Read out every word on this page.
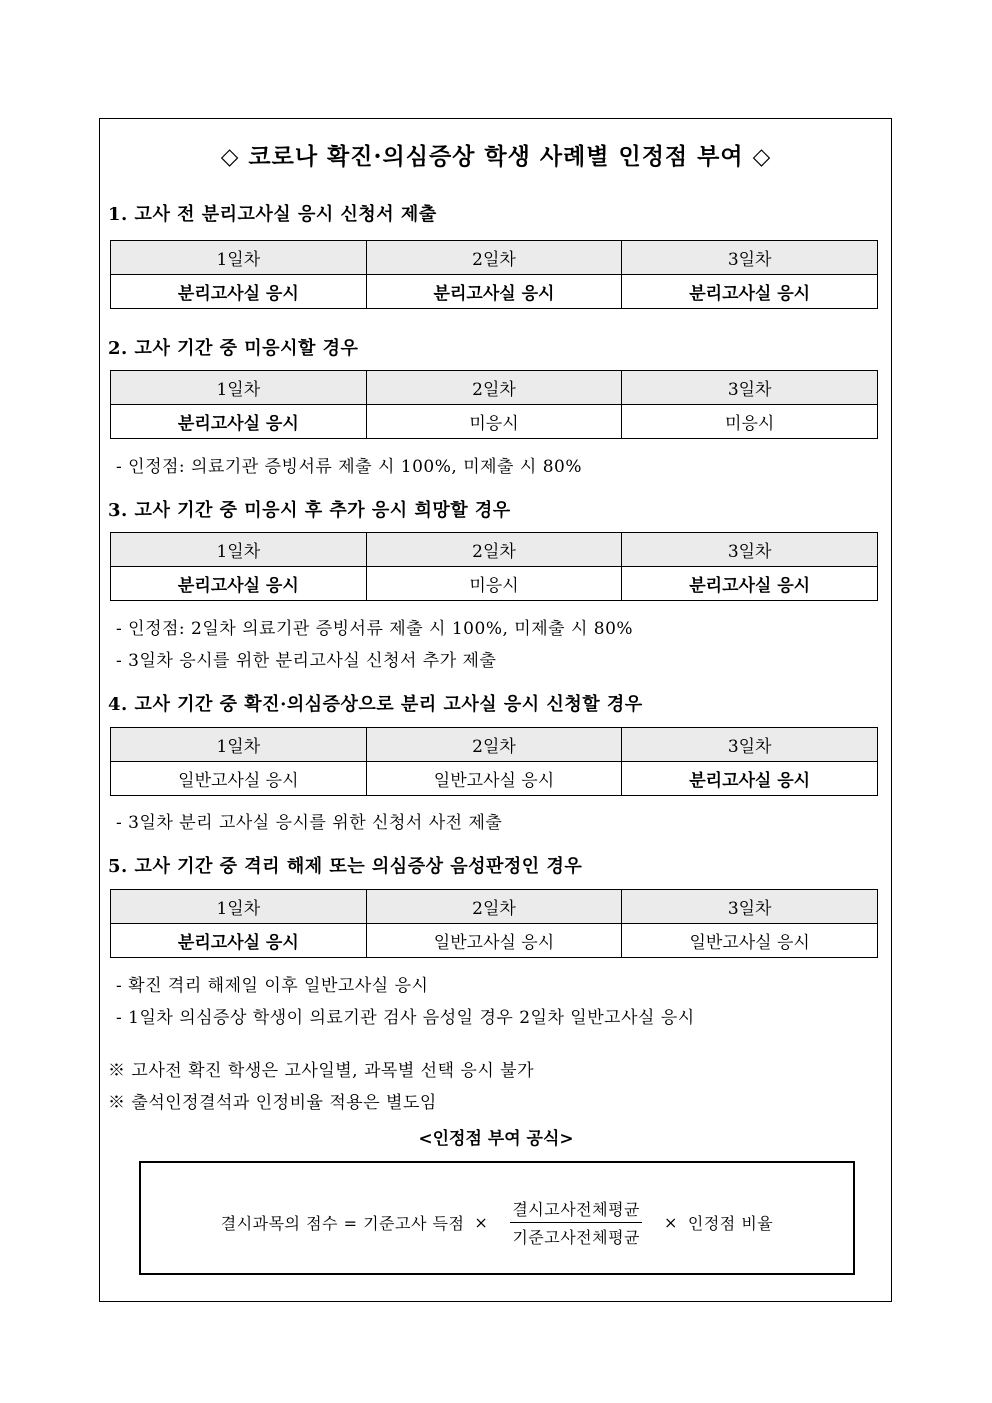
◇ 코로나 확진·의심증상 학생 사례별 인정점 부여 ◇
1. 고사 전 분리고사실 응시 신청서 제출
1일차	2일차	3일차
분리고사실 응시	분리고사실 응시	분리고사실 응시
2. 고사 기간 중 미응시할 경우
1일차	2일차	3일차
분리고사실 응시	미응시	미응시
- 인정점: 의료기관 증빙서류 제출 시 100%, 미제출 시 80%
3. 고사 기간 중 미응시 후 추가 응시 희망할 경우
1일차	2일차	3일차
분리고사실 응시	미응시	분리고사실 응시
- 인정점: 2일차 의료기관 증빙서류 제출 시 100%, 미제출 시 80%
- 3일차 응시를 위한 분리고사실 신청서 추가 제출
4. 고사 기간 중 확진·의심증상으로 분리 고사실 응시 신청할 경우
1일차	2일차	3일차
일반고사실 응시	일반고사실 응시	분리고사실 응시
- 3일차 분리 고사실 응시를 위한 신청서 사전 제출
5. 고사 기간 중 격리 해제 또는 의심증상 음성판정인 경우
1일차	2일차	3일차
분리고사실 응시	일반고사실 응시	일반고사실 응시
- 확진 격리 해제일 이후 일반고사실 응시
- 1일차 의심증상 학생이 의료기관 검사 음성일 경우 2일차 일반고사실 응시
※ 고사전 확진 학생은 고사일별, 과목별 선택 응시 불가
※ 출석인정결석과 인정비율 적용은 별도임
<인정점 부여 공식>
결시과목의 점수 = 기준고사 득점 × $\frac{\text{결시고사전체평균}}{\text{기준고사전체평균}}$ × 인정점 비율
